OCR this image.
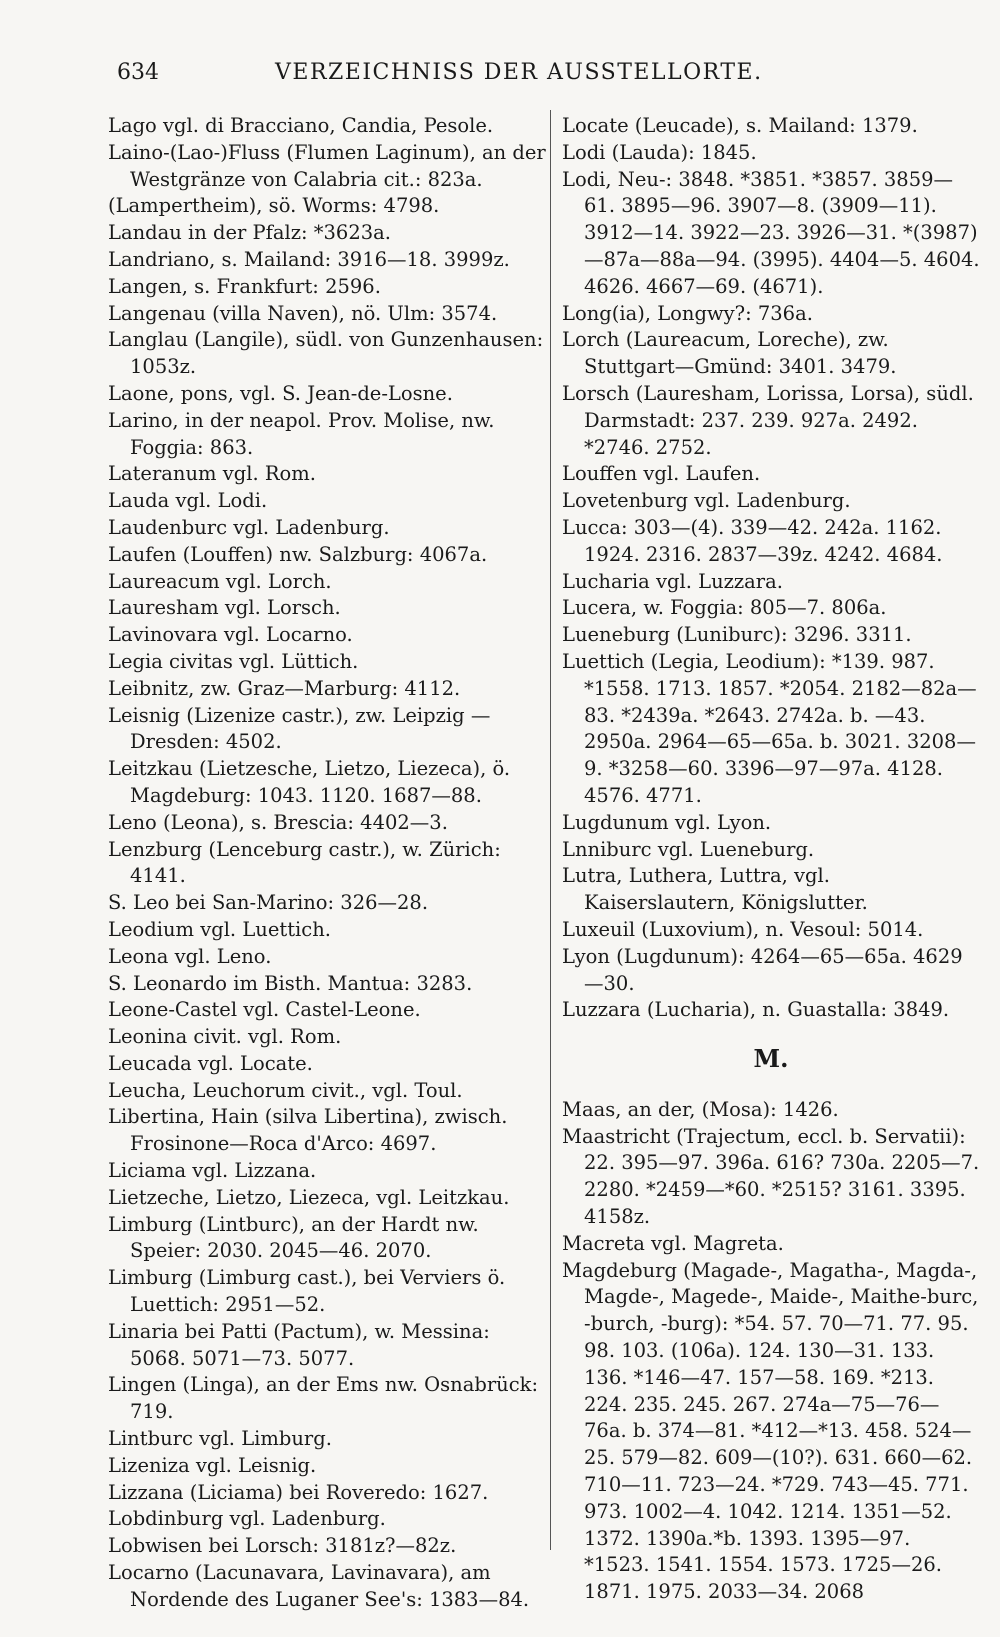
634	VERZEICHNISS DER AUSSTELLORTE.

Lago vgl. di Bracciano, Candia, Pesole.

Laino-(Lao-)Fluss (Flumen Laginum), an der Westgränze von Calabria cit.: 823a.

(Lampertheim), sö. Worms: 4798.

Landau in der Pfalz: *3623a.

Landriano, s. Mailand: 3916—18. 3999z.

Langen, s. Frankfurt: 2596.

Langenau (villa Naven), nö. Ulm: 3574.

Langlau (Langile), südl. von Gunzenhausen: 1053z.

Laone, pons, vgl. S. Jean-de-Losne.

Larino, in der neapol. Prov. Molise, nw. Foggia: 863.

Lateranum vgl. Rom.

Lauda vgl. Lodi.

Laudenburc vgl. Ladenburg.

Laufen (Louffen) nw. Salzburg: 4067a.

Laureacum vgl. Lorch.

Lauresham vgl. Lorsch.

Lavinovara vgl. Locarno.

Legia civitas vgl. Lüttich.

Leibnitz, zw. Graz—Marburg: 4112.

Leisnig (Lizenize castr.), zw. Leipzig — Dresden: 4502.

Leitzkau (Lietzesche, Lietzo, Liezeca), ö. Magdeburg: 1043. 1120. 1687—88.

Leno (Leona), s. Brescia: 4402—3.

Lenzburg (Lenceburg castr.), w. Zürich: 4141.

S. Leo bei San-Marino: 326—28.

Leodium vgl. Luettich.

Leona vgl. Leno.

S. Leonardo im Bisth. Mantua: 3283.

Leone-Castel vgl. Castel-Leone.

Leonina civit. vgl. Rom.

Leucada vgl. Locate.

Leucha, Leuchorum civit., vgl. Toul.

Libertina, Hain (silva Libertina), zwisch. Frosinone—Roca d'Arco: 4697.

Liciama vgl. Lizzana.

Lietzeche, Lietzo, Liezeca, vgl. Leitzkau.

Limburg (Lintburc), an der Hardt nw. Speier: 2030. 2045—46. 2070.

Limburg (Limburg cast.), bei Verviers ö. Luettich: 2951—52.

Linaria bei Patti (Pactum), w. Messina: 5068. 5071—73. 5077.

Lingen (Linga), an der Ems nw. Osnabrück: 719.

Lintburc vgl. Limburg.

Lizeniza vgl. Leisnig.

Lizzana (Liciama) bei Roveredo: 1627.

Lobdinburg vgl. Ladenburg.

Lobwisen bei Lorsch: 3181z?—82z.

Locarno (Lacunavara, Lavinavara), am Nordende des Luganer See's: 1383—84.

Locate (Leucade), s. Mailand: 1379.

Lodi (Lauda): 1845.

Lodi, Neu-: 3848. *3851. *3857. 3859—61. 3895—96. 3907—8. (3909—11). 3912—14. 3922—23. 3926—31. *(3987)—87a—88a—94. (3995). 4404—5. 4604. 4626. 4667—69. (4671).

Long(ia), Longwy?: 736a.

Lorch (Laureacum, Loreche), zw. Stuttgart—Gmünd: 3401. 3479.

Lorsch (Lauresham, Lorissa, Lorsa), südl. Darmstadt: 237. 239. 927a. 2492. *2746. 2752.

Louffen vgl. Laufen.

Lovetenburg vgl. Ladenburg.

Lucca: 303—(4). 339—42. 242a. 1162. 1924. 2316. 2837—39z. 4242. 4684.

Lucharia vgl. Luzzara.

Lucera, w. Foggia: 805—7. 806a.

Lueneburg (Luniburc): 3296. 3311.

Luettich (Legia, Leodium): *139. 987. *1558. 1713. 1857. *2054. 2182—82a—83. *2439a. *2643. 2742a. b. —43. 2950a. 2964—65—65a. b. 3021. 3208—9. *3258—60. 3396—97—97a. 4128. 4576. 4771.

Lugdunum vgl. Lyon.

Lnniburc vgl. Lueneburg.

Lutra, Luthera, Luttra, vgl. Kaiserslautern, Königslutter.

Luxeuil (Luxovium), n. Vesoul: 5014.

Lyon (Lugdunum): 4264—65—65a. 4629—30.

Luzzara (Lucharia), n. Guastalla: 3849.

M.

Maas, an der, (Mosa): 1426.

Maastricht (Trajectum, eccl. b. Servatii): 22. 395—97. 396a. 616? 730a. 2205—7. 2280. *2459—*60. *2515? 3161. 3395. 4158z.

Macreta vgl. Magreta.

Magdeburg (Magade-, Magatha-, Magda-, Magde-, Magede-, Maide-, Maithe-burc, -burch, -burg): *54. 57. 70—71. 77. 95. 98. 103. (106a). 124. 130—31. 133. 136. *146—47. 157—58. 169. *213. 224. 235. 245. 267. 274a—75—76—76a. b. 374—81. *412—*13. 458. 524—25. 579—82. 609—(10?). 631. 660—62. 710—11. 723—24. *729. 743—45. 771. 973. 1002—4. 1042. 1214. 1351—52. 1372. 1390a.*b. 1393. 1395—97. *1523. 1541. 1554. 1573. 1725—26. 1871. 1975. 2033—34. 2068
